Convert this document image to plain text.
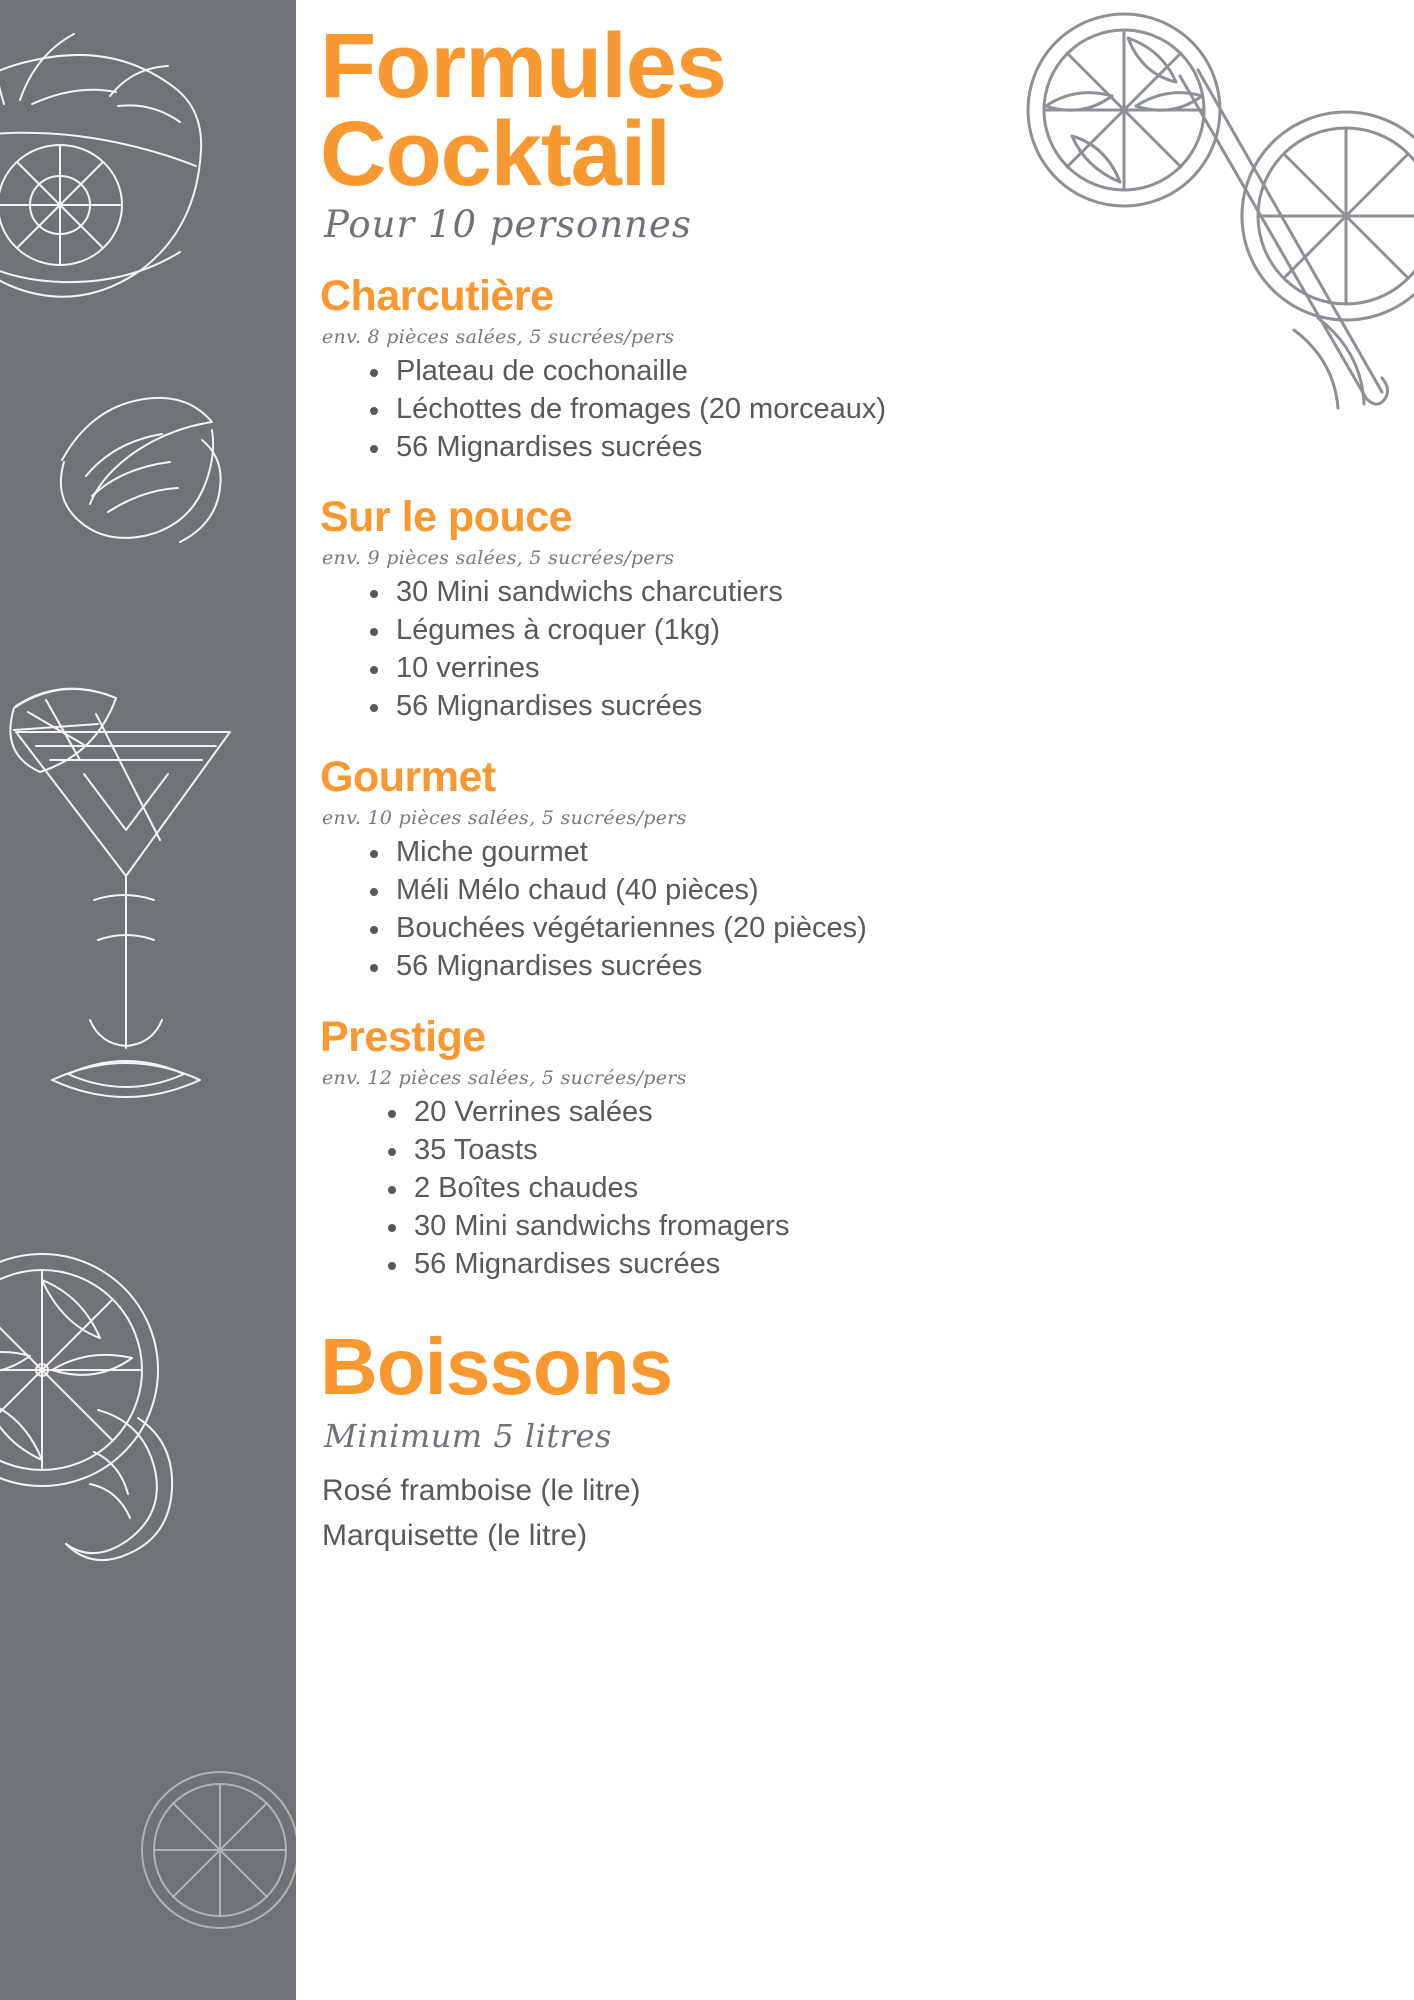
Formules
Cocktail
Pour 10 personnes
Charcutière
env. 8 pièces salées, 5 sucrées/pers
Plateau de cochonaille
Léchottes de fromages (20 morceaux)
56 Mignardises sucrées
Sur le pouce
env. 9 pièces salées, 5 sucrées/pers
30 Mini sandwichs charcutiers
Légumes à croquer (1kg)
10 verrines
56 Mignardises sucrées
Gourmet
env. 10 pièces salées, 5 sucrées/pers
Miche gourmet
Méli Mélo chaud (40 pièces)
Bouchées végétariennes (20 pièces)
56 Mignardises sucrées
Prestige
env. 12 pièces salées, 5 sucrées/pers
20 Verrines salées
35 Toasts
2 Boîtes chaudes
30 Mini sandwichs fromagers
56 Mignardises sucrées
Boissons
Minimum 5 litres

Rosé framboise (le litre)

Marquisette (le litre)
